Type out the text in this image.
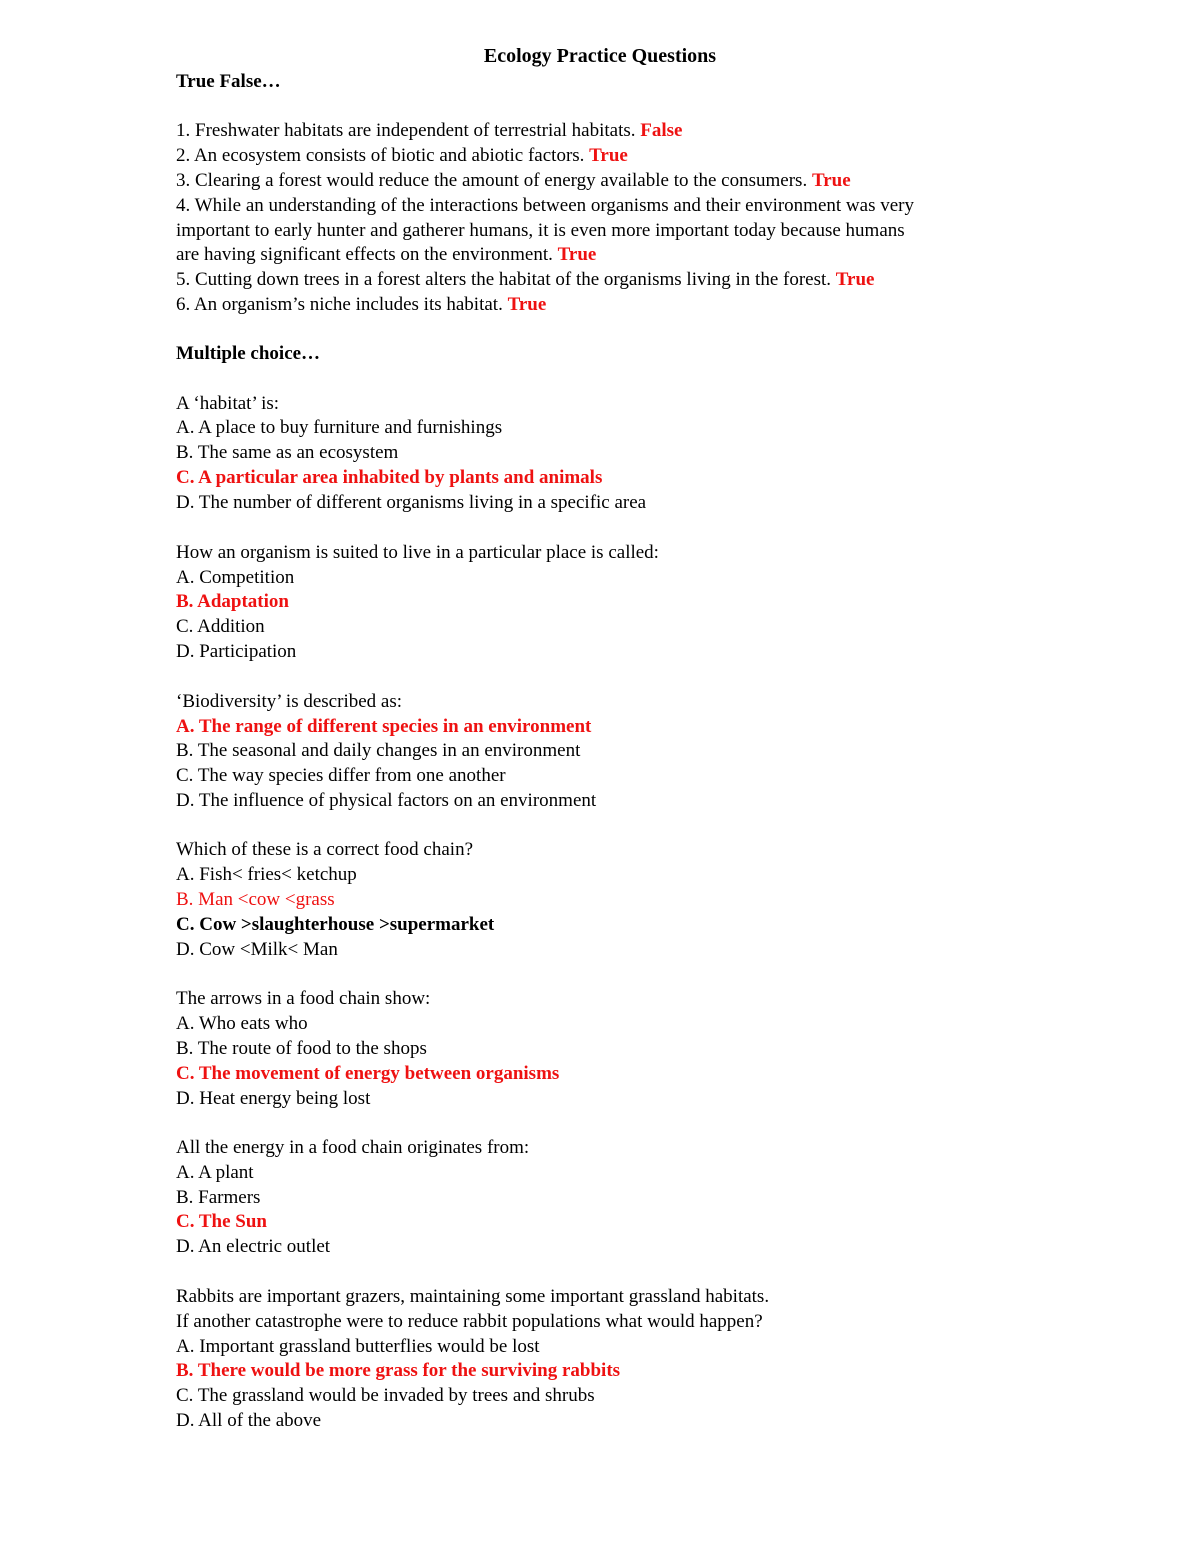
Ecology Practice Questions
True False…
1. Freshwater habitats are independent of terrestrial habitats. False
2. An ecosystem consists of biotic and abiotic factors. True
3. Clearing a forest would reduce the amount of energy available to the consumers. True
4. While an understanding of the interactions between organisms and their environment was very
important to early hunter and gatherer humans, it is even more important today because humans
are having significant effects on the environment. True
5. Cutting down trees in a forest alters the habitat of the organisms living in the forest. True
6. An organism’s niche includes its habitat. True
Multiple choice…
A ‘habitat’ is:
A. A place to buy furniture and furnishings
B. The same as an ecosystem
C. A particular area inhabited by plants and animals
D. The number of different organisms living in a specific area
How an organism is suited to live in a particular place is called:
A. Competition
B. Adaptation
C. Addition
D. Participation
‘Biodiversity’ is described as:
A. The range of different species in an environment
B. The seasonal and daily changes in an environment
C. The way species differ from one another
D. The influence of physical factors on an environment
Which of these is a correct food chain?
A. Fish< fries< ketchup
B. Man <cow <grass
C. Cow >slaughterhouse >supermarket
D. Cow <Milk< Man
The arrows in a food chain show:
A. Who eats who
B. The route of food to the shops
C. The movement of energy between organisms
D. Heat energy being lost
All the energy in a food chain originates from:
A. A plant
B. Farmers
C. The Sun
D. An electric outlet
Rabbits are important grazers, maintaining some important grassland habitats.
If another catastrophe were to reduce rabbit populations what would happen?
A. Important grassland butterflies would be lost
B. There would be more grass for the surviving rabbits
C. The grassland would be invaded by trees and shrubs
D. All of the above
